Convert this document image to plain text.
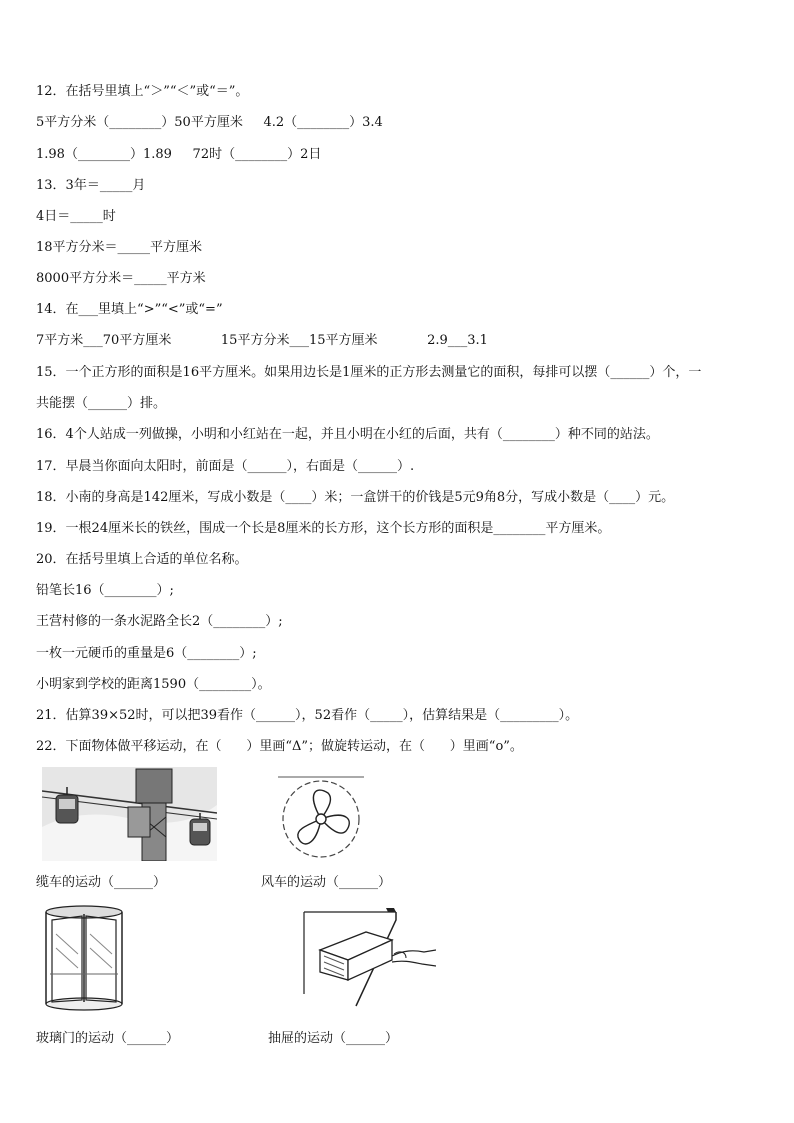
12．在括号里填上“＞”“＜”或“＝”。
5平方分米（________）50平方厘米     4.2（________）3.4
1.98（________）1.89     72时（________）2日
13．3年＝_____月
4日＝_____时
18平方分米＝_____平方厘米
8000平方分米＝_____平方米
14．在___里填上“>”“<”或“=”
7平方米___70平方厘米            15平方分米___15平方厘米            2.9___3.1
15．一个正方形的面积是16平方厘米。如果用边长是1厘米的正方形去测量它的面积，每排可以摆（______）个，一
共能摆（______）排。
16．4个人站成一列做操，小明和小红站在一起，并且小明在小红的后面，共有（________）种不同的站法。
17．早晨当你面向太阳时，前面是（______），右面是（______）.
18．小南的身高是142厘米，写成小数是（____）米；一盒饼干的价钱是5元9角8分，写成小数是（____）元。
19．一根24厘米长的铁丝，围成一个长是8厘米的长方形，这个长方形的面积是________平方厘米。
20．在括号里填上合适的单位名称。
铅笔长16（________）;
王营村修的一条水泥路全长2（________）;
一枚一元硬币的重量是6（________）;
小明家到学校的距离1590（________）。
21．估算39×52时，可以把39看作（______），52看作（_____），估算结果是（_________）。
22．下面物体做平移运动，在（      ）里画“Δ”；做旋转运动，在（      ）里画“о”。
缆车的运动（______）	风车的运动（______）
玻璃门的运动（______）	抽屉的运动（______）
